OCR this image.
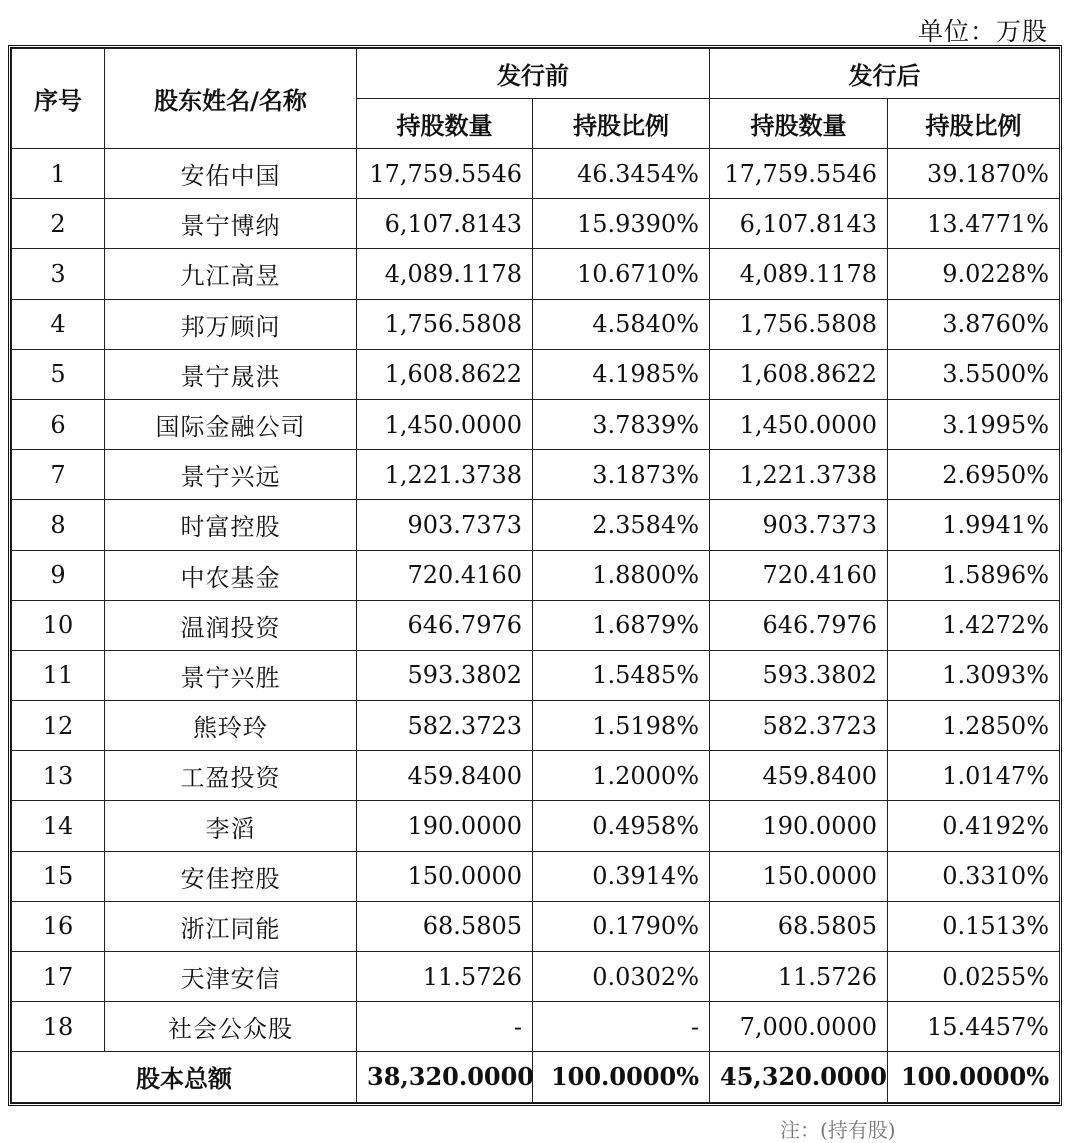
单位：万股
序号	股东姓名/名称	发行前		发行后	
		持股数量	持股比例	持股数量	持股比例
1	安佑中国	17,759.5546	46.3454%	17,759.5546	39.1870%
2	景宁博纳	6,107.8143	15.9390%	6,107.8143	13.4771%
3	九江高昱	4,089.1178	10.6710%	4,089.1178	9.0228%
4	邦万顾问	1,756.5808	4.5840%	1,756.5808	3.8760%
5	景宁晟洪	1,608.8622	4.1985%	1,608.8622	3.5500%
6	国际金融公司	1,450.0000	3.7839%	1,450.0000	3.1995%
7	景宁兴远	1,221.3738	3.1873%	1,221.3738	2.6950%
8	时富控股	903.7373	2.3584%	903.7373	1.9941%
9	中农基金	720.4160	1.8800%	720.4160	1.5896%
10	温润投资	646.7976	1.6879%	646.7976	1.4272%
11	景宁兴胜	593.3802	1.5485%	593.3802	1.3093%
12	熊玲玲	582.3723	1.5198%	582.3723	1.2850%
13	工盈投资	459.8400	1.2000%	459.8400	1.0147%
14	李滔	190.0000	0.4958%	190.0000	0.4192%
15	安佳控股	150.0000	0.3914%	150.0000	0.3310%
16	浙江同能	68.5805	0.1790%	68.5805	0.1513%
17	天津安信	11.5726	0.0302%	11.5726	0.0255%
18	社会公众股	-	-	7,000.0000	15.4457%
股本总额		38,320.0000	100.0000%	45,320.0000	100.0000%
注：(持有股)
